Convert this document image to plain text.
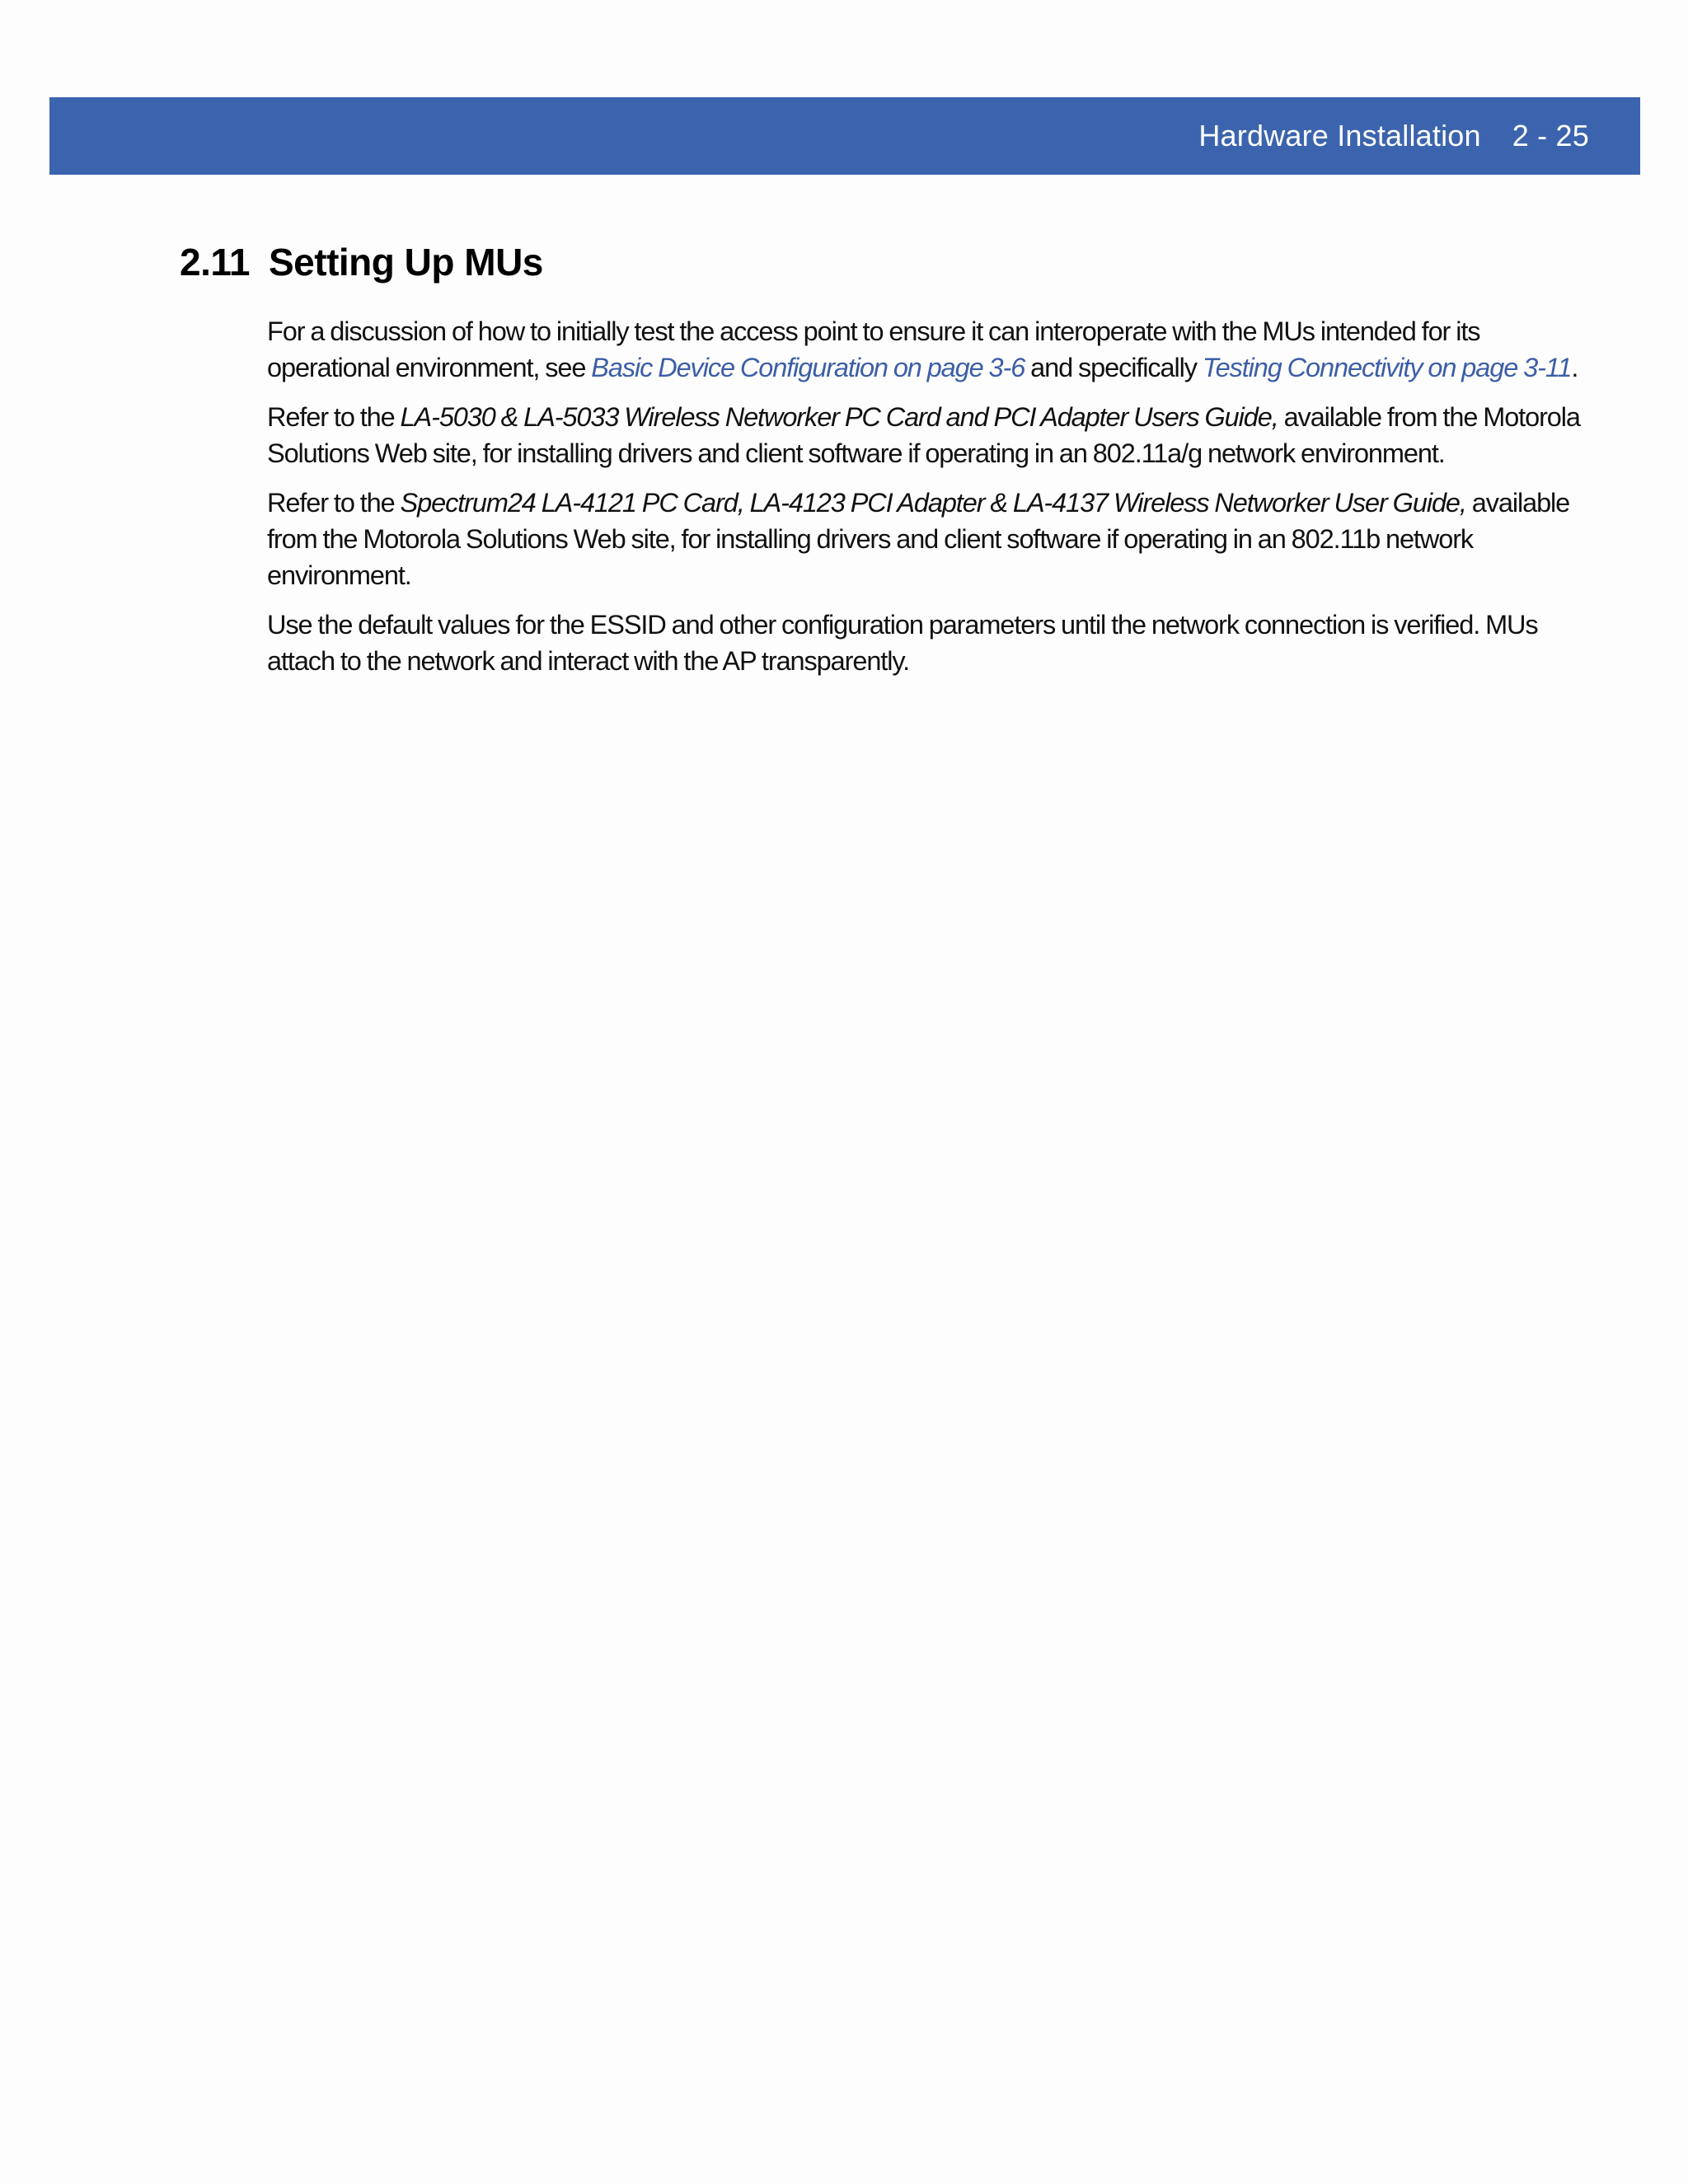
Hardware Installation 2 - 25
2.11 Setting Up MUs

For a discussion of how to initially test the access point to ensure it can interoperate with the MUs intended for its operational environment, see Basic Device Configuration on page 3-6 and specifically Testing Connectivity on page 3-11.

Refer to the LA-5030 & LA-5033 Wireless Networker PC Card and PCI Adapter Users Guide, available from the Motorola Solutions Web site, for installing drivers and client software if operating in an 802.11a/g network environment.

Refer to the Spectrum24 LA-4121 PC Card, LA-4123 PCI Adapter & LA-4137 Wireless Networker User Guide, available from the Motorola Solutions Web site, for installing drivers and client software if operating in an 802.11b network environment.

Use the default values for the ESSID and other configuration parameters until the network connection is verified. MUs attach to the network and interact with the AP transparently.
